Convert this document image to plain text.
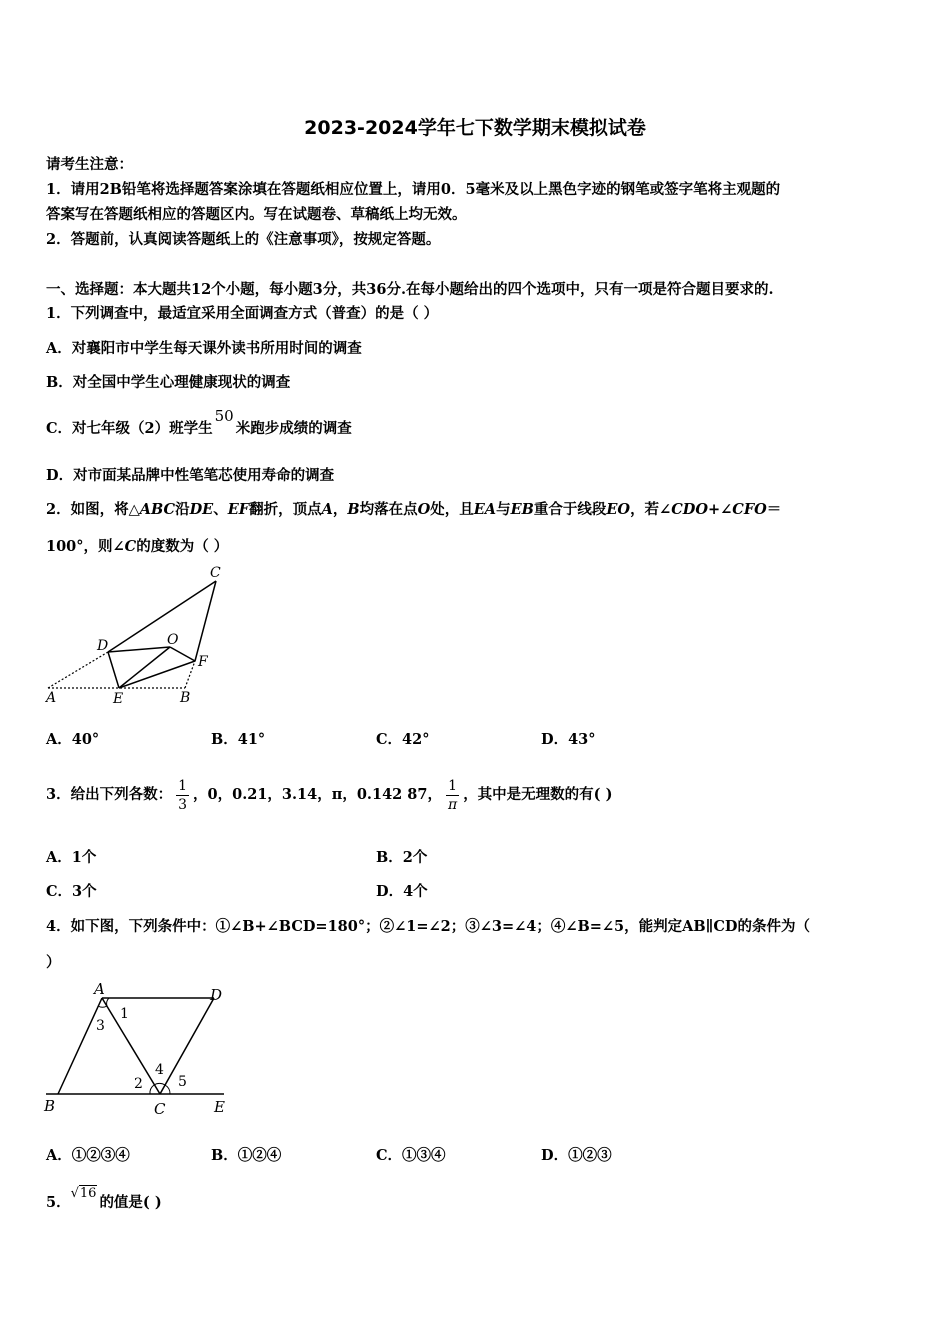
2023-2024学年七下数学期末模拟试卷
请考生注意：
1．请用2B铅笔将选择题答案涂填在答题纸相应位置上，请用0．5毫米及以上黑色字迹的钢笔或签字笔将主观题的
答案写在答题纸相应的答题区内。写在试题卷、草稿纸上均无效。
2．答题前，认真阅读答题纸上的《注意事项》，按规定答题。
一、选择题：本大题共12个小题，每小题3分，共36分.在每小题给出的四个选项中，只有一项是符合题目要求的.
1．下列调查中，最适宜采用全面调查方式（普查）的是（ ）
A．对襄阳市中学生每天课外读书所用时间的调查
B．对全国中学生心理健康现状的调查
C．对七年级（2）班学生50米跑步成绩的调查
D．对市面某品牌中性笔笔芯使用寿命的调查
2．如图，将△ABC沿DE、EF翻折，顶点A，B均落在点O处，且EA与EB重合于线段EO，若∠CDO+∠CFO＝
100°，则∠C的度数为（ ）
C
D	O
F
A	E	B
A．40°	B．41°	C．42°	D．43°
3．给出下列各数： $\frac{1}{3}$ ，0，0.21，3.14，π，0.142 87， $\frac{1}{\pi}$ ，其中是无理数的有( )
A．1个	B．2个
C．3个	D．4个
4．如下图，下列条件中：①∠B+∠BCD=180°；②∠1=∠2；③∠3=∠4；④∠B=∠5，能判定AB∥CD的条件为（
）
A	D
1
3
4
2	5
B	C	E
A．①②③④	B．①②④	C．①③④	D．①②③
5．√16的值是( )
